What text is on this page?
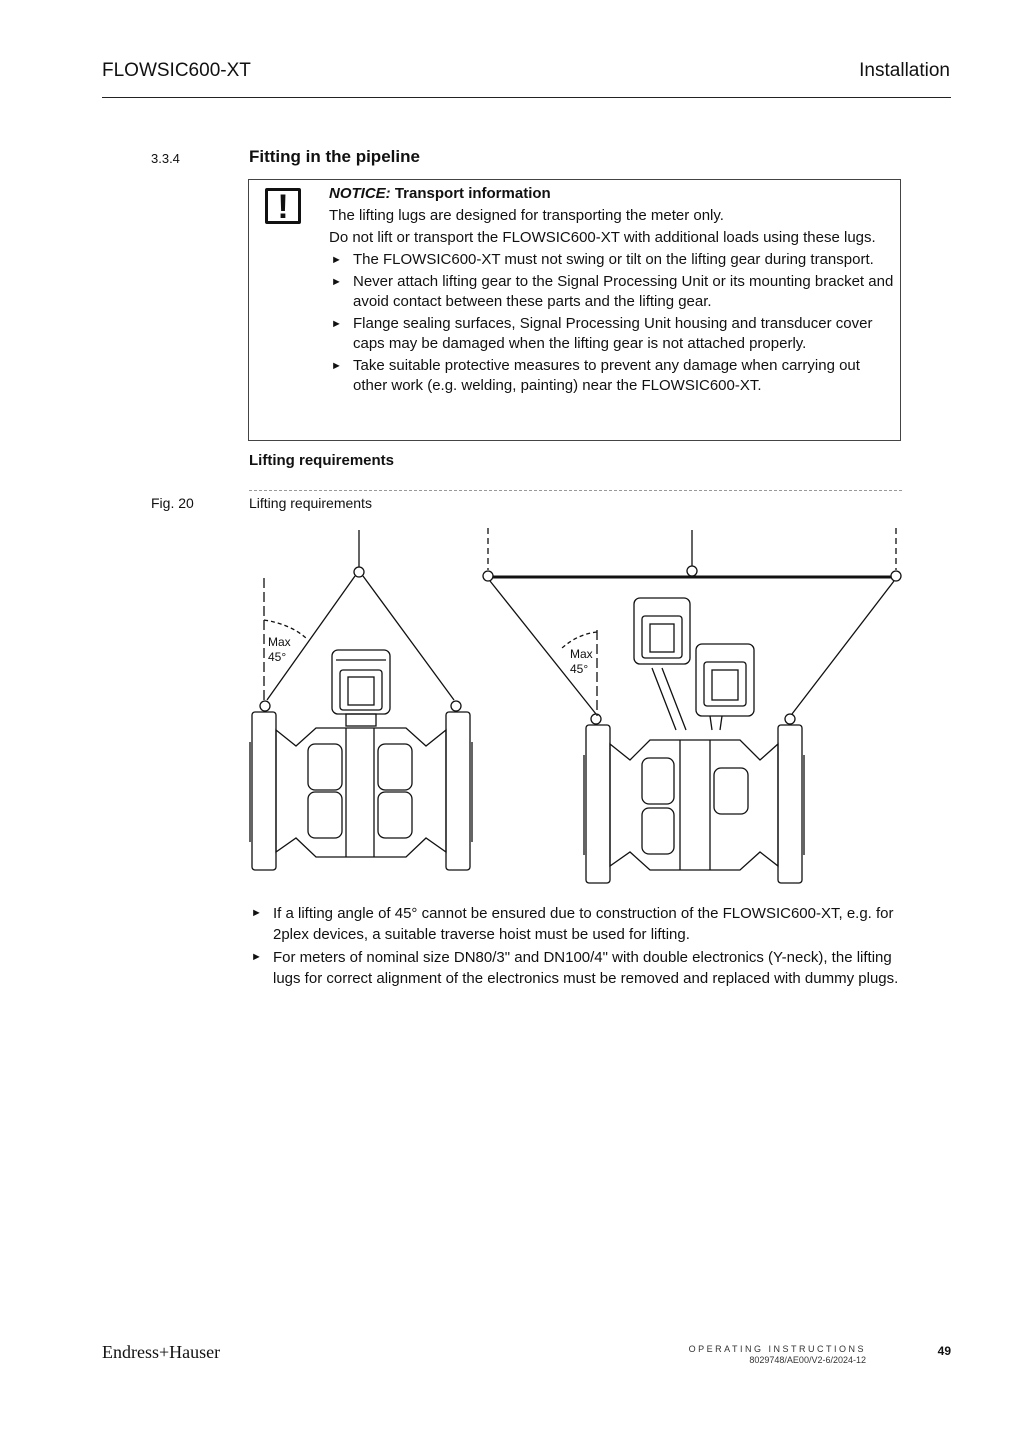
FLOWSIC600-XT	Installation
3.3.4	Fitting in the pipeline
!	NOTICE: Transport information

The lifting lugs are designed for transporting the meter only.

Do not lift or transport the FLOWSIC600-XT with additional loads using these lugs.

► The FLOWSIC600-XT must not swing or tilt on the lifting gear during transport.
► Never attach lifting gear to the Signal Processing Unit or its mounting bracket and avoid contact between these parts and the lifting gear.
► Flange sealing surfaces, Signal Processing Unit housing and transducer cover caps may be damaged when the lifting gear is not attached properly.
► Take suitable protective measures to prevent any damage when carrying out other work (e.g. welding, painting) near the FLOWSIC600-XT.
Lifting requirements
Fig. 20	Lifting requirements
Max
45°	Max
45°
► If a lifting angle of 45° cannot be ensured due to construction of the FLOWSIC600-XT, e.g. for 2plex devices, a suitable traverse hoist must be used for lifting.
► For meters of nominal size DN80/3" and DN100/4" with double electronics (Y-neck), the lifting lugs for correct alignment of the electronics must be removed and replaced with dummy plugs.
Endress+Hauser	OPERATING INSTRUCTIONS
8029748/AE00/V2-6/2024-12
49
